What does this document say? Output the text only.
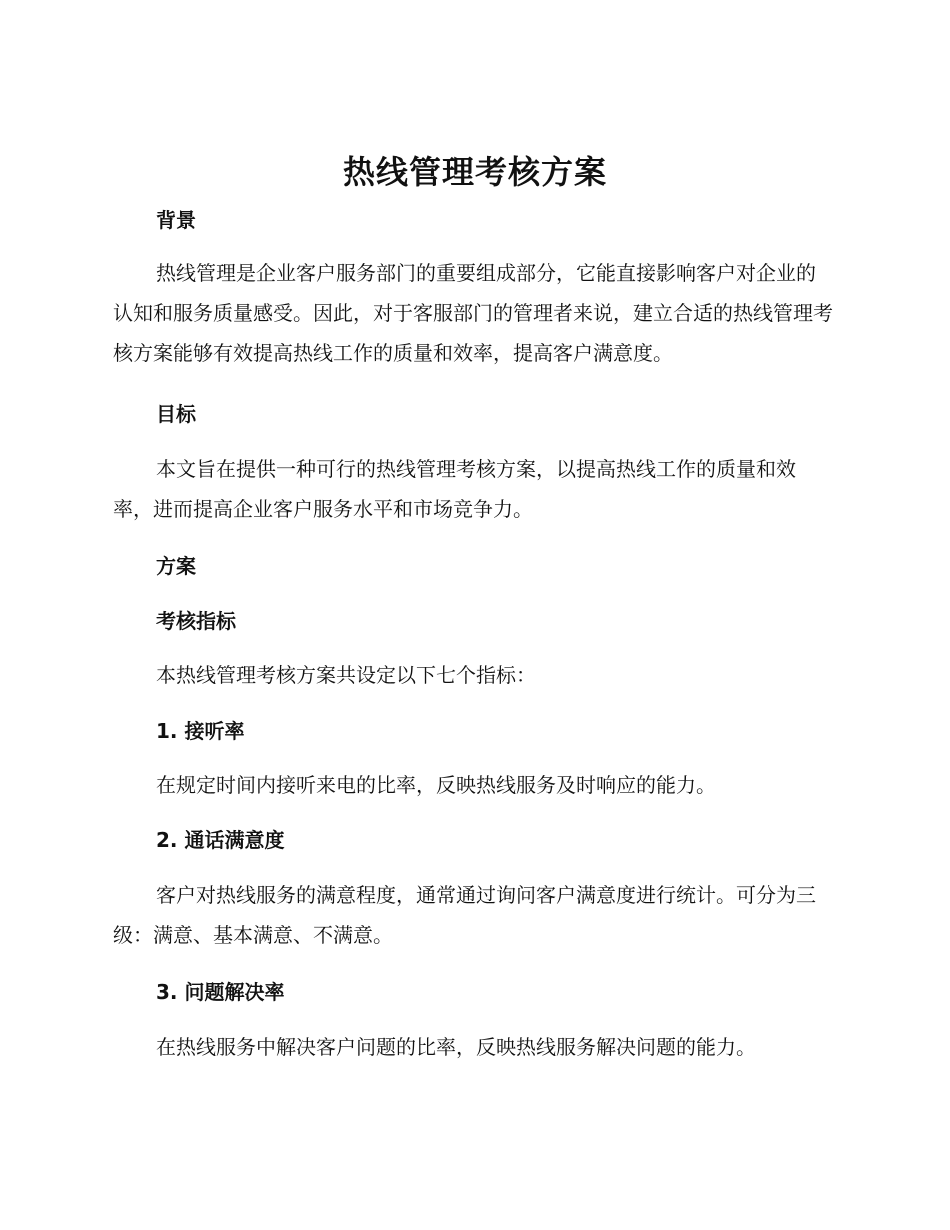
热线管理考核方案
背景
热线管理是企业客户服务部门的重要组成部分，它能直接影响客户对企业的认知和服务质量感受。因此，对于客服部门的管理者来说，建立合适的热线管理考核方案能够有效提高热线工作的质量和效率，提高客户满意度。
目标
本文旨在提供一种可行的热线管理考核方案，以提高热线工作的质量和效率，进而提高企业客户服务水平和市场竞争力。
方案
考核指标
本热线管理考核方案共设定以下七个指标：
1. 接听率
在规定时间内接听来电的比率，反映热线服务及时响应的能力。
2. 通话满意度
客户对热线服务的满意程度，通常通过询问客户满意度进行统计。可分为三级：满意、基本满意、不满意。
3. 问题解决率
在热线服务中解决客户问题的比率，反映热线服务解决问题的能力。
